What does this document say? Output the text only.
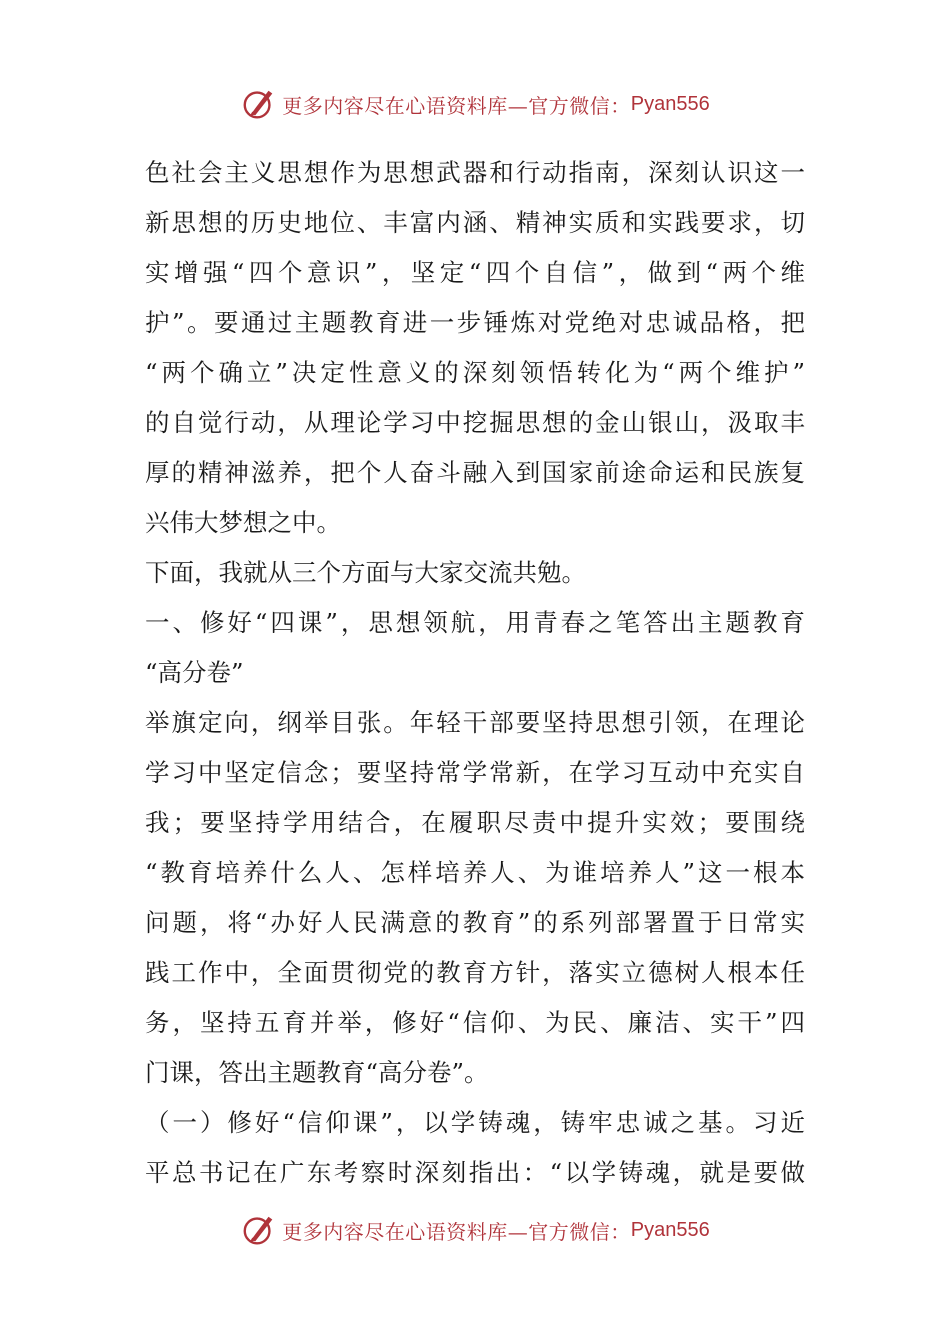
更多内容尽在心语资料库—官方微信： Pyan556
色社会主义思想作为思想武器和行动指南，深刻认识这一
新思想的历史地位、丰富内涵、精神实质和实践要求，切
实增强“四个意识”，坚定“四个自信”，做到“两个维
护”。要通过主题教育进一步锤炼对党绝对忠诚品格，把
“两个确立”决定性意义的深刻领悟转化为“两个维护”
的自觉行动，从理论学习中挖掘思想的金山银山，汲取丰
厚的精神滋养，把个人奋斗融入到国家前途命运和民族复
兴伟大梦想之中。
下面，我就从三个方面与大家交流共勉。
一、修好“四课”，思想领航，用青春之笔答出主题教育
“高分卷”
举旗定向，纲举目张。年轻干部要坚持思想引领，在理论
学习中坚定信念；要坚持常学常新，在学习互动中充实自
我；要坚持学用结合，在履职尽责中提升实效；要围绕
“教育培养什么人、怎样培养人、为谁培养人”这一根本
问题，将“办好人民满意的教育”的系列部署置于日常实
践工作中，全面贯彻党的教育方针，落实立德树人根本任
务，坚持五育并举，修好“信仰、为民、廉洁、实干”四
门课，答出主题教育“高分卷”。
（一）修好“信仰课”，以学铸魂，铸牢忠诚之基。习近
平总书记在广东考察时深刻指出：“以学铸魂，就是要做
更多内容尽在心语资料库—官方微信： Pyan556
